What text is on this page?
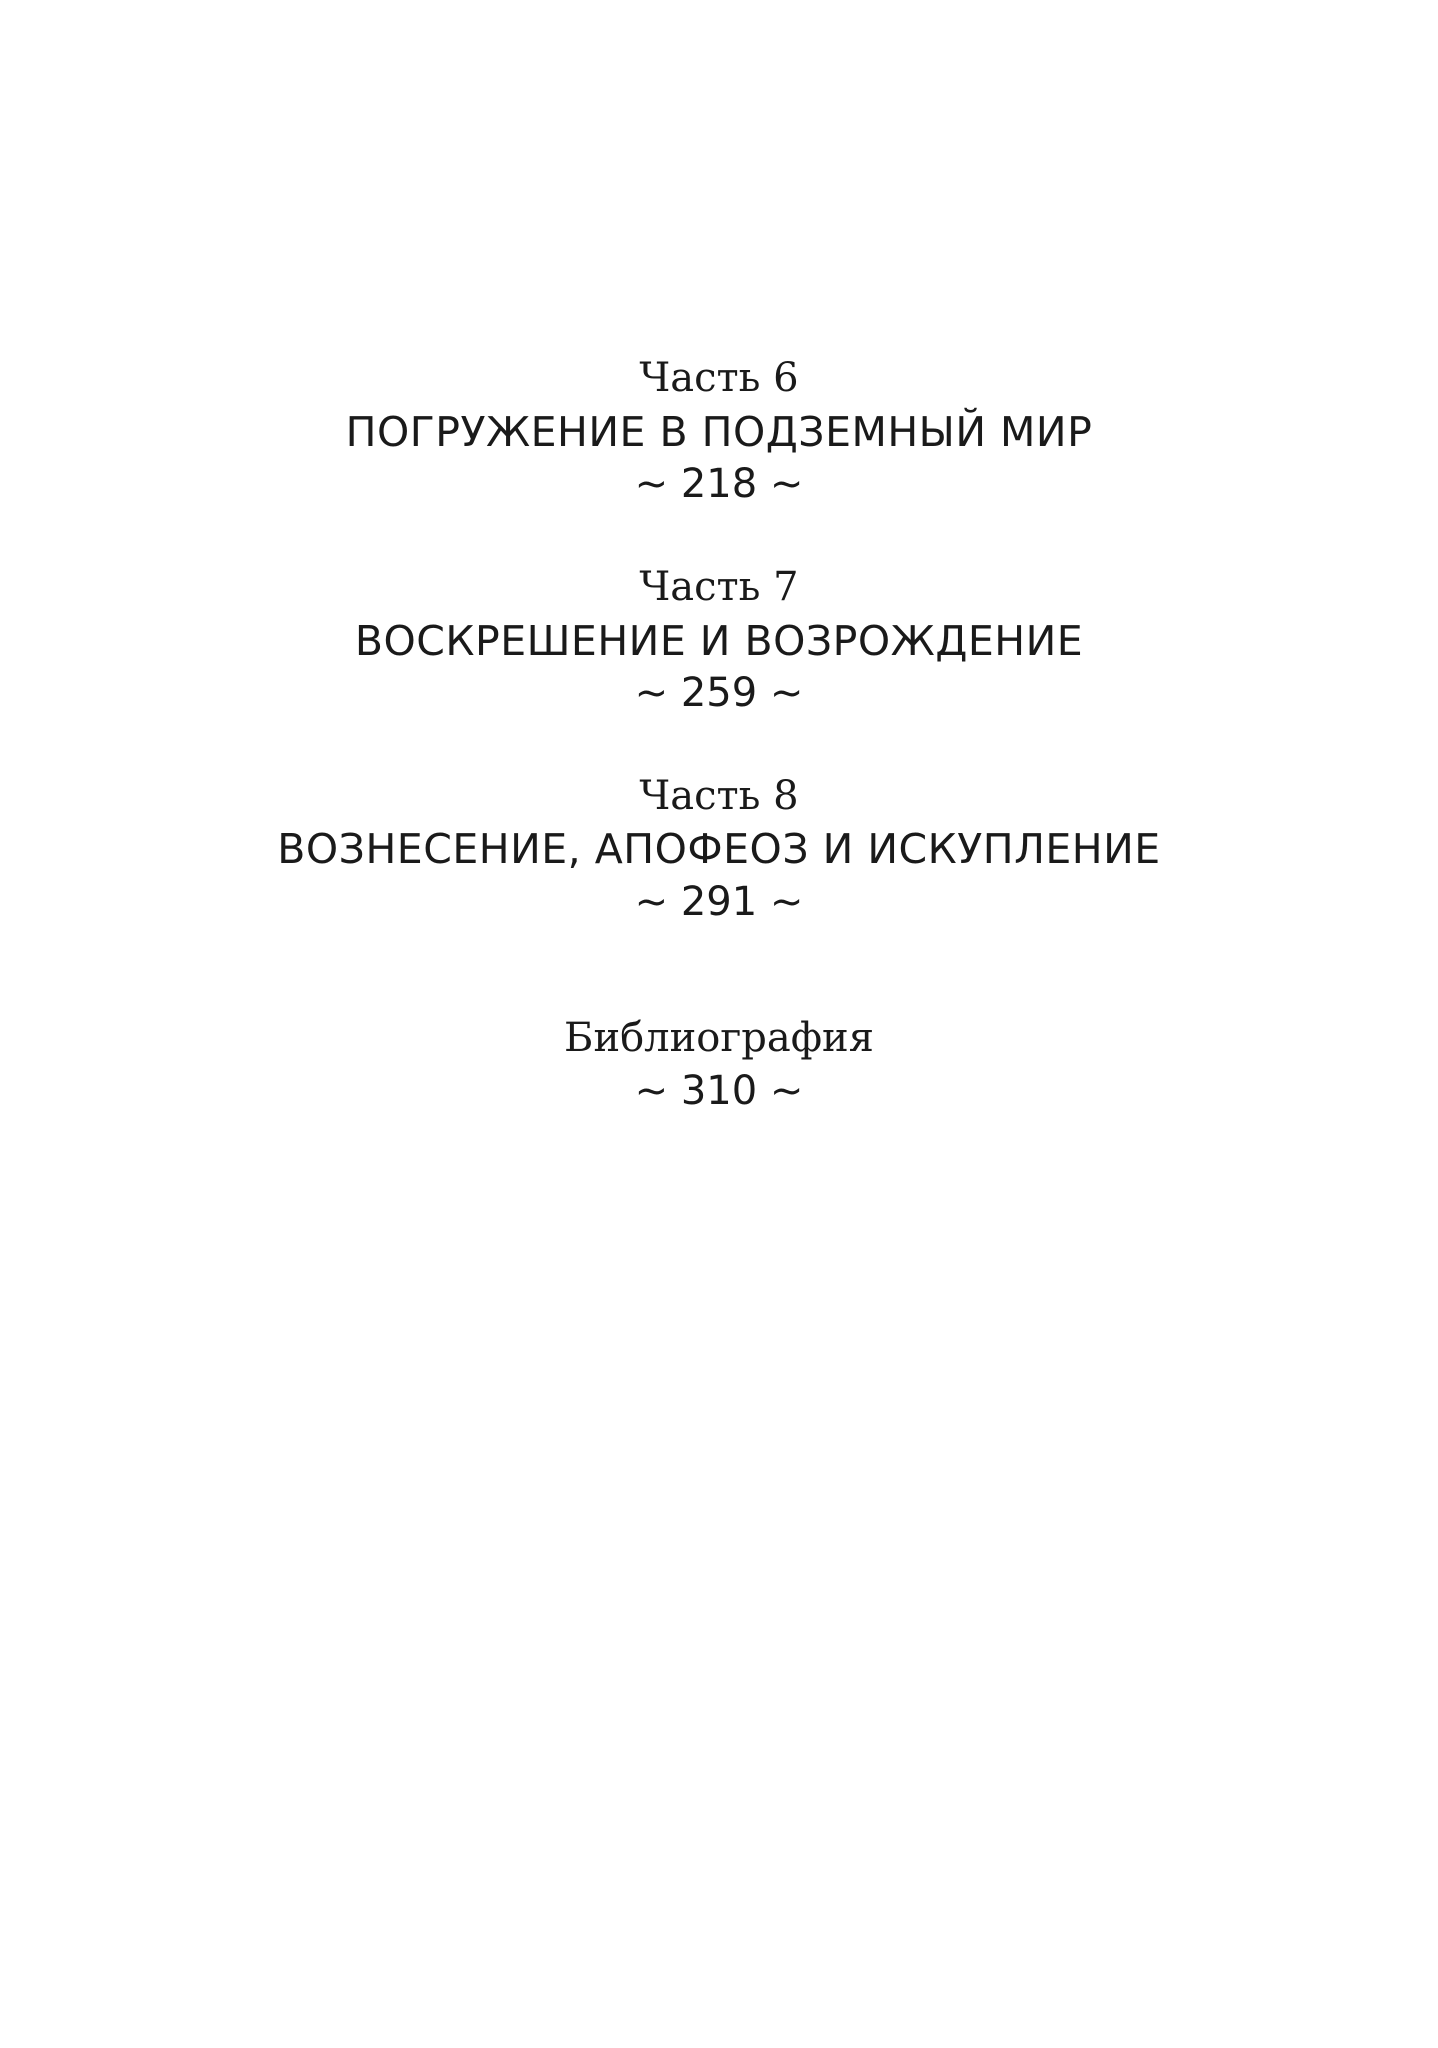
Часть 6
ПОГРУЖЕНИЕ В ПОДЗЕМНЫЙ МИР
~ 218 ~
Часть 7
ВОСКРЕШЕНИЕ И ВОЗРОЖДЕНИЕ
~ 259 ~
Часть 8
ВОЗНЕСЕНИЕ, АПОФЕОЗ И ИСКУПЛЕНИЕ
~ 291 ~
Библиография
~ 310 ~
